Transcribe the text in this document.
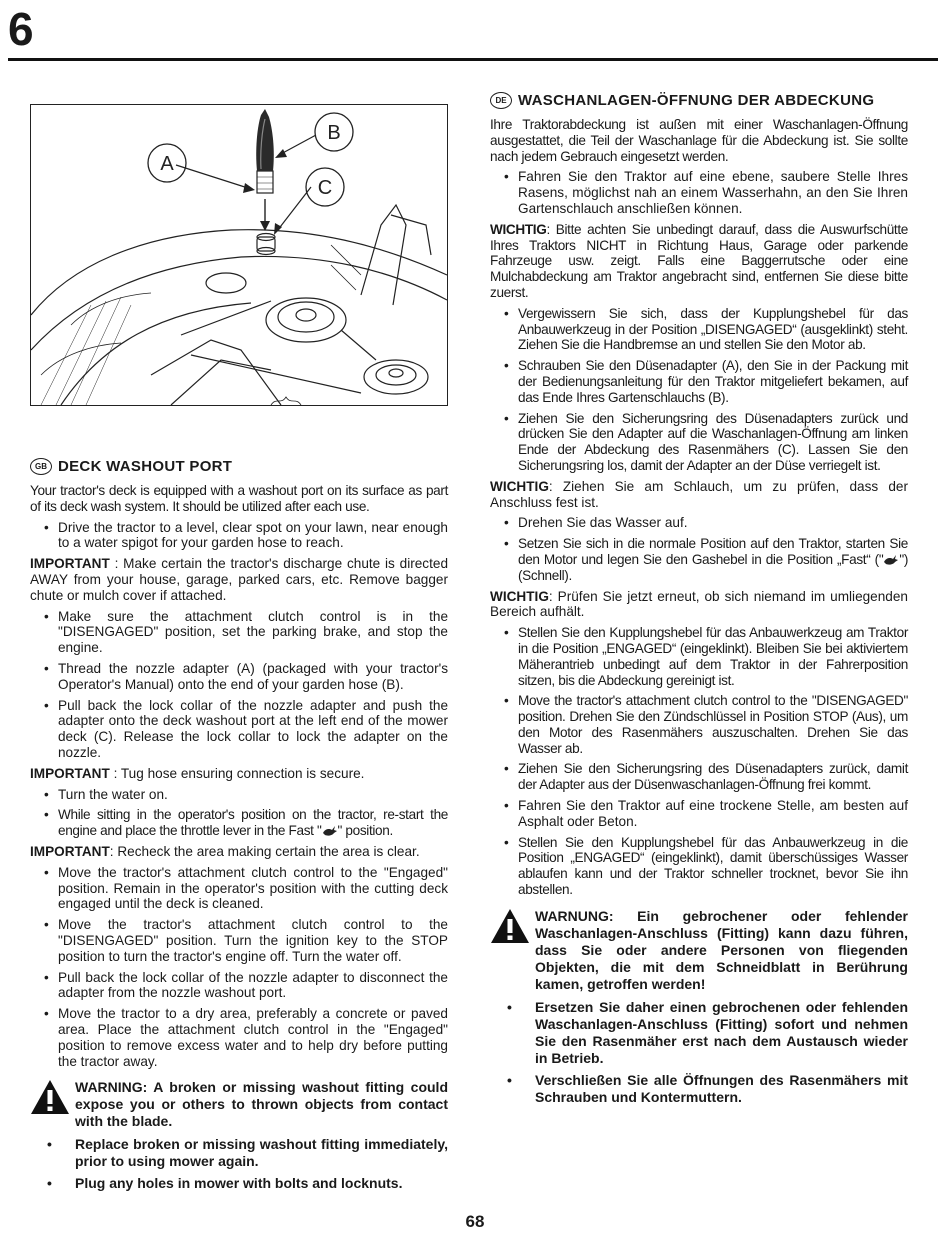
6
A
B
C
GB DECK WASHOUT PORT

Your tractor's deck is equipped with a washout port on its surface as part of its deck wash system. It should be utilized after each use.

• Drive the tractor to a level, clear spot on your lawn, near enough to a water spigot for your garden hose to reach.

IMPORTANT : Make certain the tractor's discharge chute is directed AWAY from your house, garage, parked cars, etc. Remove bagger chute or mulch cover if attached.

• Make sure the attachment clutch control is in the "DISENGAGED" position, set the parking brake, and stop the engine.
• Thread the nozzle adapter (A) (packaged with your tractor's Operator's Manual) onto the end of your garden hose (B).
• Pull back the lock collar of the nozzle adapter and push the adapter onto the deck washout port at the left end of the mower deck (C). Release the lock collar to lock the adapter on the nozzle.

IMPORTANT : Tug hose ensuring connection is secure.

• Turn the water on.
• While sitting in the operator's position on the tractor, re-start the engine and place the throttle lever in the Fast " " position.

IMPORTANT: Recheck the area making certain the area is clear.

• Move the tractor's attachment clutch control to the "Engaged" position. Remain in the operator's position with the cutting deck engaged until the deck is cleaned.
• Move the tractor's attachment clutch control to the "DISENGAGED" position. Turn the ignition key to the STOP position to turn the tractor's engine off. Turn the water off.
• Pull back the lock collar of the nozzle adapter to disconnect the adapter from the nozzle washout port.
• Move the tractor to a dry area, preferably a concrete or paved area. Place the attachment clutch control in the "Engaged" position to remove excess water and to help dry before putting the tractor away.

WARNING: A broken or missing washout fitting could expose you or others to thrown objects from contact with the blade.

• Replace broken or missing washout fitting immediately, prior to using mower again.
• Plug any holes in mower with bolts and locknuts.
DE WASCHANLAGEN-ÖFFNUNG DER ABDECKUNG

Ihre Traktorabdeckung ist außen mit einer Waschanlagen-Öffnung ausgestattet, die Teil der Waschanlage für die Abdeckung ist. Sie sollte nach jedem Gebrauch eingesetzt werden.

• Fahren Sie den Traktor auf eine ebene, saubere Stelle Ihres Rasens, möglichst nah an einem Wasserhahn, an den Sie Ihren Gartenschlauch anschließen können.

WICHTIG: Bitte achten Sie unbedingt darauf, dass die Auswurfschütte Ihres Traktors NICHT in Richtung Haus, Garage oder parkende Fahrzeuge usw. zeigt. Falls eine Baggerrutsche oder eine Mulchabdeckung am Traktor angebracht sind, entfernen Sie diese bitte zuerst.

• Vergewissern Sie sich, dass der Kupplungshebel für das Anbauwerkzeug in der Position „DISENGAGED“ (ausgeklinkt) steht. Ziehen Sie die Handbremse an und stellen Sie den Motor ab.
• Schrauben Sie den Düsenadapter (A), den Sie in der Packung mit der Bedienungsanleitung für den Traktor mitgeliefert bekamen, auf das Ende Ihres Gartenschlauchs (B).
• Ziehen Sie den Sicherungsring des Düsenadapters zurück und drücken Sie den Adapter auf die Waschanlagen-Öffnung am linken Ende der Abdeckung des Rasenmähers (C). Lassen Sie den Sicherungsring los, damit der Adapter an der Düse verriegelt ist.

WICHTIG: Ziehen Sie am Schlauch, um zu prüfen, dass der Anschluss fest ist.

• Drehen Sie das Wasser auf.
• Setzen Sie sich in die normale Position auf den Traktor, starten Sie den Motor und legen Sie den Gashebel in die Position „Fast“ (" ") (Schnell).

WICHTIG: Prüfen Sie jetzt erneut, ob sich niemand im umliegenden Bereich aufhält.

• Stellen Sie den Kupplungshebel für das Anbauwerkzeug am Traktor in die Position „ENGAGED“ (eingeklinkt). Bleiben Sie bei aktiviertem Mäherantrieb unbedingt auf dem Traktor in der Fahrerposition sitzen, bis die Abdeckung gereinigt ist.
• Move the tractor's attachment clutch control to the "DISENGAGED" position. Drehen Sie den Zündschlüssel in Position STOP (Aus), um den Motor des Rasenmähers auszuschalten. Drehen Sie das Wasser ab.
• Ziehen Sie den Sicherungsring des Düsenadapters zurück, damit der Adapter aus der Düsenwaschanlagen-Öffnung frei kommt.
• Fahren Sie den Traktor auf eine trockene Stelle, am besten auf Asphalt oder Beton.
• Stellen Sie den Kupplungshebel für das Anbauwerkzeug in die Position „ENGAGED“ (eingeklinkt), damit überschüssiges Wasser ablaufen kann und der Traktor schneller trocknet, bevor Sie ihn abstellen.

WARNUNG: Ein gebrochener oder fehlender Waschanlagen-Anschluss (Fitting) kann dazu führen, dass Sie oder andere Personen von fliegenden Objekten, die mit dem Schneidblatt in Berührung kamen, getroffen werden!

• Ersetzen Sie daher einen gebrochenen oder fehlenden Waschanlagen-Anschluss (Fitting) sofort und nehmen Sie den Rasenmäher erst nach dem Austausch wieder in Betrieb.
• Verschließen Sie alle Öffnungen des Rasenmähers mit Schrauben und Kontermuttern.
68
